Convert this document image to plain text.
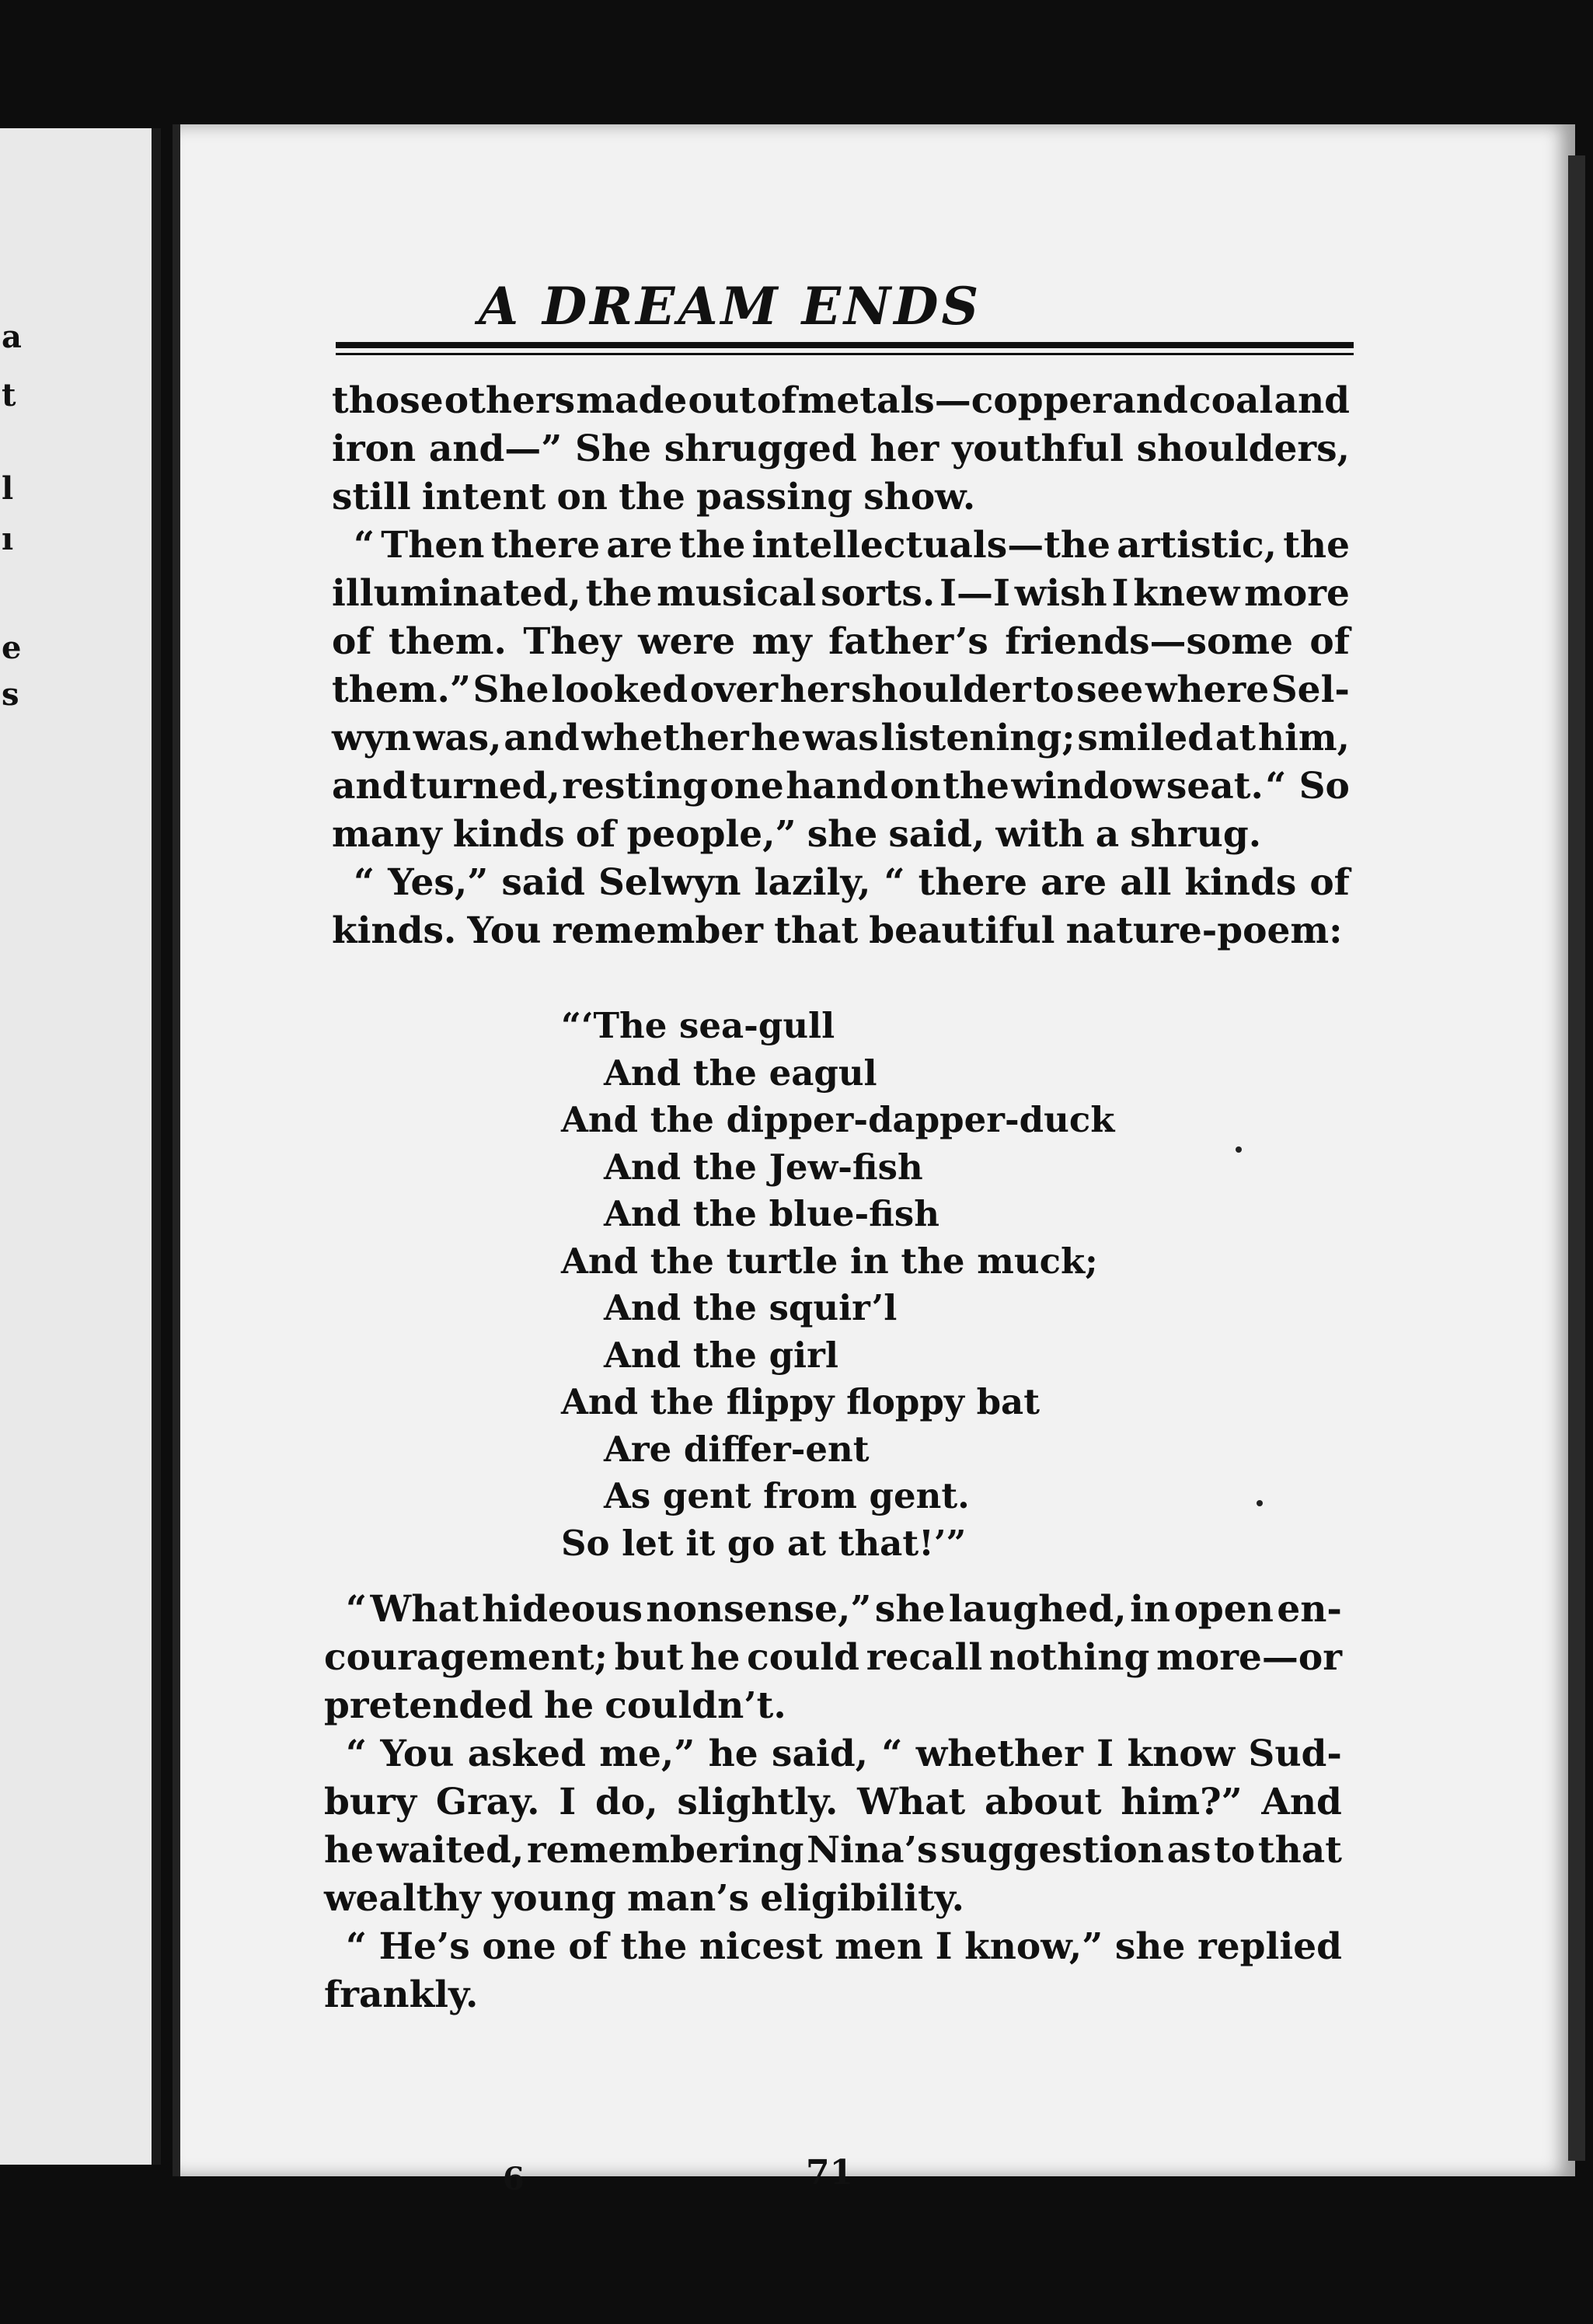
a
t
l
ı
e
s
A DREAM ENDS
those others made out of metals—copper and coal and
iron and—” She shrugged her youthful shoulders,
still intent on the passing show.
“ Then there are the intellectuals—the artistic, the
illuminated, the musical sorts. I—I wish I knew more
of them. They were my father’s friends—some of
them.” She looked over her shoulder to see where Sel-
wyn was, and whether he was listening; smiled at him,
and turned, resting one hand on the window seat. “ So
many kinds of people,” she said, with a shrug.
“ Yes,” said Selwyn lazily, “ there are all kinds of
kinds. You remember that beautiful nature-poem:
“‘The sea-gull
And the eagul
And the dipper-dapper-duck
And the Jew-fish
And the blue-fish
And the turtle in the muck;
And the squir’l
And the girl
And the flippy floppy bat
Are differ-ent
As gent from gent.
So let it go at that!’”
“ What hideous nonsense,” she laughed, in open en-
couragement; but he could recall nothing more—or
pretended he couldn’t.
“ You asked me,” he said, “ whether I know Sud-
bury Gray. I do, slightly. What about him?” And
he waited, remembering Nina’s suggestion as to that
wealthy young man’s eligibility.
“ He’s one of the nicest men I know,” she replied
frankly.
6	71
